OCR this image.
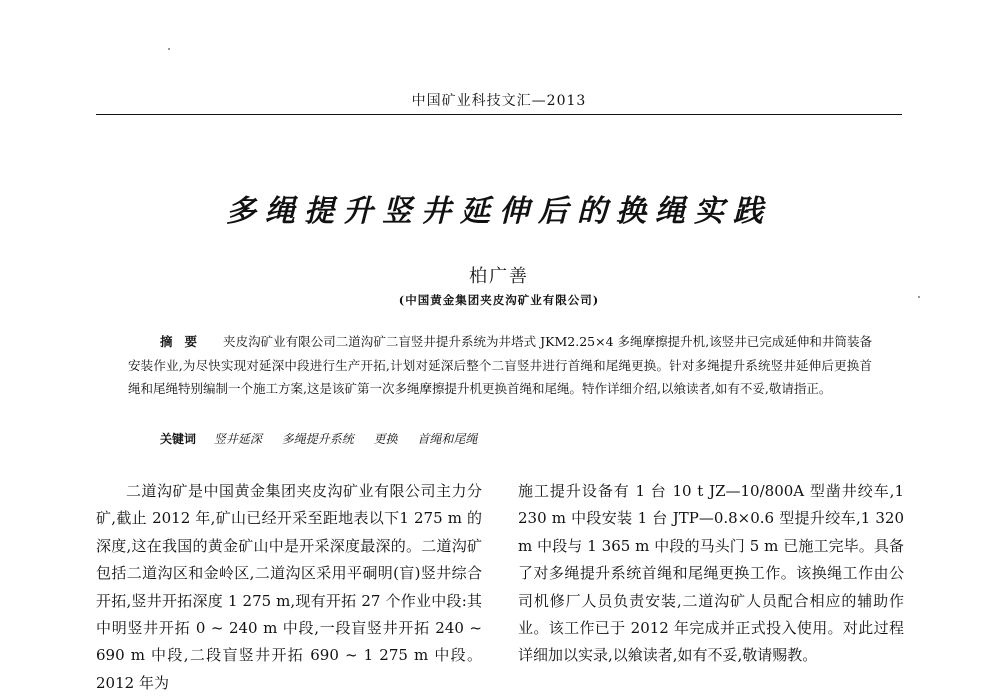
中国矿业科技文汇—2013
多绳提升竖井延伸后的换绳实践
柏广善
(中国黄金集团夹皮沟矿业有限公司)
摘要 夹皮沟矿业有限公司二道沟矿二盲竖井提升系统为井塔式 JKM2.25×4 多绳摩擦提升机,该竖井已完成延伸和井筒装备安装作业,为尽快实现对延深中段进行生产开拓,计划对延深后整个二盲竖井进行首绳和尾绳更换。针对多绳提升系统竖井延伸后更换首绳和尾绳特别编制一个施工方案,这是该矿第一次多绳摩擦提升机更换首绳和尾绳。特作详细介绍,以飨读者,如有不妥,敬请指正。
关键词 竖井延深 多绳提升系统 更换 首绳和尾绳

二道沟矿是中国黄金集团夹皮沟矿业有限公司主力分矿,截止 2012 年,矿山已经开采至距地表以下1 275 m 的深度,这在我国的黄金矿山中是开采深度最深的。二道沟矿包括二道沟区和金岭区,二道沟区采用平硐明(盲)竖井综合开拓,竖井开拓深度 1 275 m,现有开拓 27 个作业中段:其中明竖井开拓 0 ~ 240 m 中段,一段盲竖井开拓 240 ~ 690 m 中段,二段盲竖井开拓 690 ~ 1 275 m 中段。2012 年为

施工提升设备有 1 台 10 t JZ—10/800A 型凿井绞车,1 230 m 中段安装 1 台 JTP—0.8×0.6 型提升绞车,1 320 m 中段与 1 365 m 中段的马头门 5 m 已施工完毕。具备了对多绳提升系统首绳和尾绳更换工作。该换绳工作由公司机修厂人员负责安装,二道沟矿人员配合相应的辅助作业。该工作已于 2012 年完成并正式投入使用。对此过程详细加以实录,以飨读者,如有不妥,敬请赐教。
